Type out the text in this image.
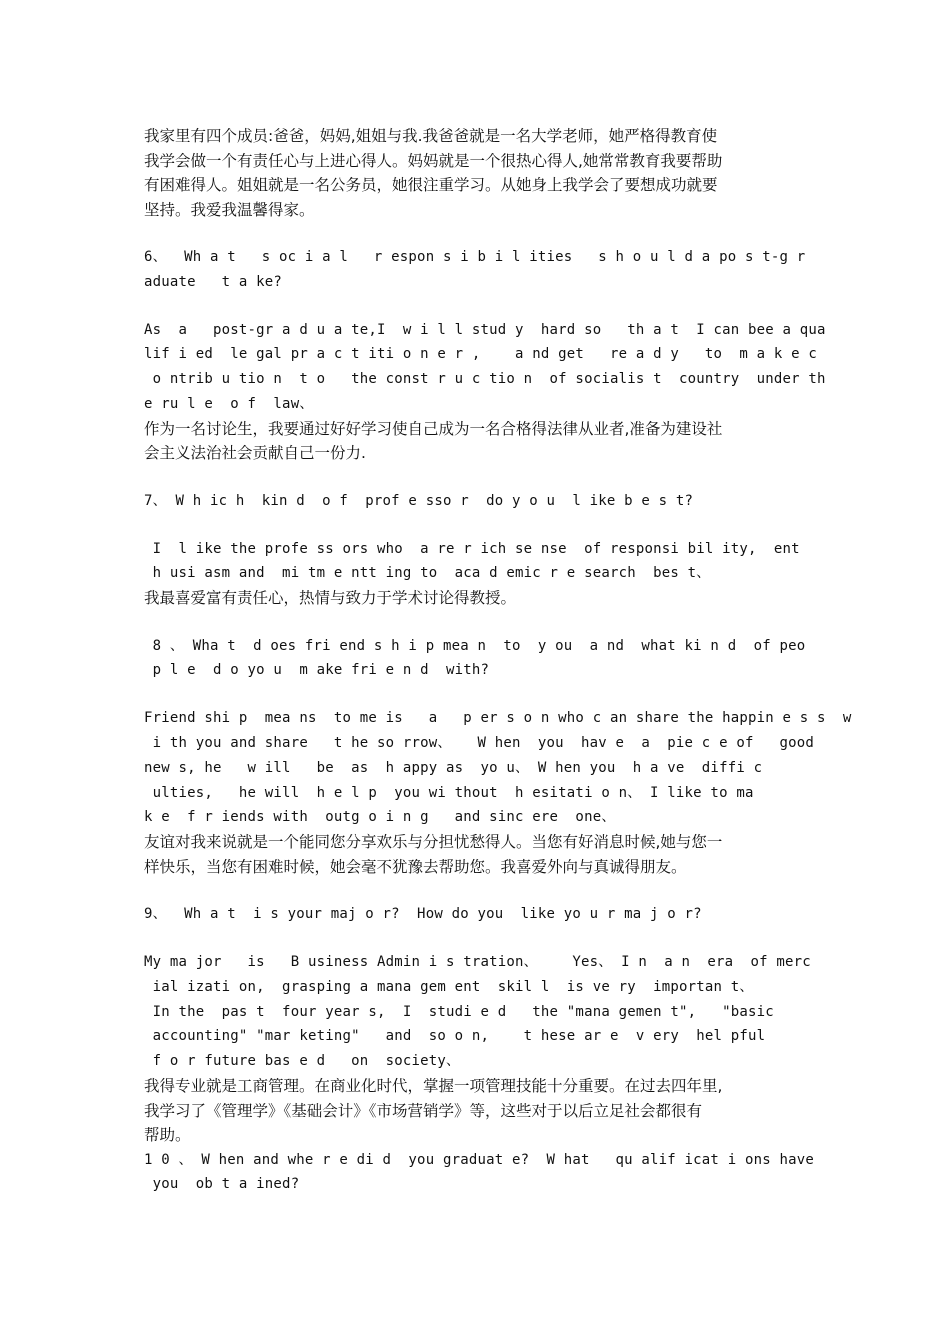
我家里有四个成员:爸爸，妈妈,姐姐与我.我爸爸就是一名大学老师，她严格得教育使
我学会做一个有责任心与上进心得人。妈妈就是一个很热心得人,她常常教育我要帮助
有困难得人。姐姐就是一名公务员，她很注重学习。从她身上我学会了要想成功就要
坚持。我爱我温馨得家。

6、  Wh a t   s oc i a l   r espon s i b i l ities   s h o u l d a po s t-g r
aduate   t a ke?

As  a   post-gr a d u a te,I  w i l l stud y  hard so   th a t  I can bee a qua
lif i ed  le gal pr a c t iti o n e r ,    a nd get   re a d y   to  m a k e c
o ntrib u tio n  t o   the const r u c tio n  of socialis t  country  under th
e ru l e  o f  law、

作为一名讨论生，我要通过好好学习使自己成为一名合格得法律从业者,准备为建设社
会主义法治社会贡献自己一份力.

7、 W h ic h  kin d  o f  prof e sso r  do y o u  l ike b e s t?

I  l ike the profe ss ors who  a re r ich se nse  of responsi bil ity,  ent
h usi asm and  mi tm e ntt ing to  aca d emic r e search  bes t、

我最喜爱富有责任心，热情与致力于学术讨论得教授。

8 、 Wha t  d oes fri end s h i p mea n  to  y ou  a nd  what ki n d  of peo
p l e  d o yo u  m ake fri e n d  with?

Friend shi p  mea ns  to me is   a   p er s o n who c an share the happin e s s  w
i th you and share   t he so rrow、   W hen  you  hav e  a  pie c e of   good
new s, he   w ill   be  as  h appy as  yo u、 W hen you  h a ve  diffi c
ulties,   he will  h e l p  you wi thout  h esitati o n、 I like to ma
k e  f r iends with  outg o i n g   and sinc ere  one、

友谊对我来说就是一个能同您分享欢乐与分担忧愁得人。当您有好消息时候,她与您一
样快乐，当您有困难时候，她会毫不犹豫去帮助您。我喜爱外向与真诚得朋友。

9、  Wh a t  i s your maj o r?  How do you  like yo u r ma j o r?

My ma jor   is   B usiness Admin i s tration、    Yes、 I n  a n  era  of merc
ial izati on,  grasping a mana gem ent  skil l  is ve ry  importan t、
In the  pas t  four year s,  I  studi e d   the "mana gemen t",   "basic
accounting" "mar keting"   and  so o n,    t hese ar e  v ery  hel pful
f o r future bas e d   on  society、

我得专业就是工商管理。在商业化时代，掌握一项管理技能十分重要。在过去四年里,
我学习了《管理学》《基础会计》《市场营销学》等，这些对于以后立足社会都很有
帮助。

1 0 、 W hen and whe r e di d  you graduat e?  W hat   qu alif icat i ons have
you  ob t a ined?
